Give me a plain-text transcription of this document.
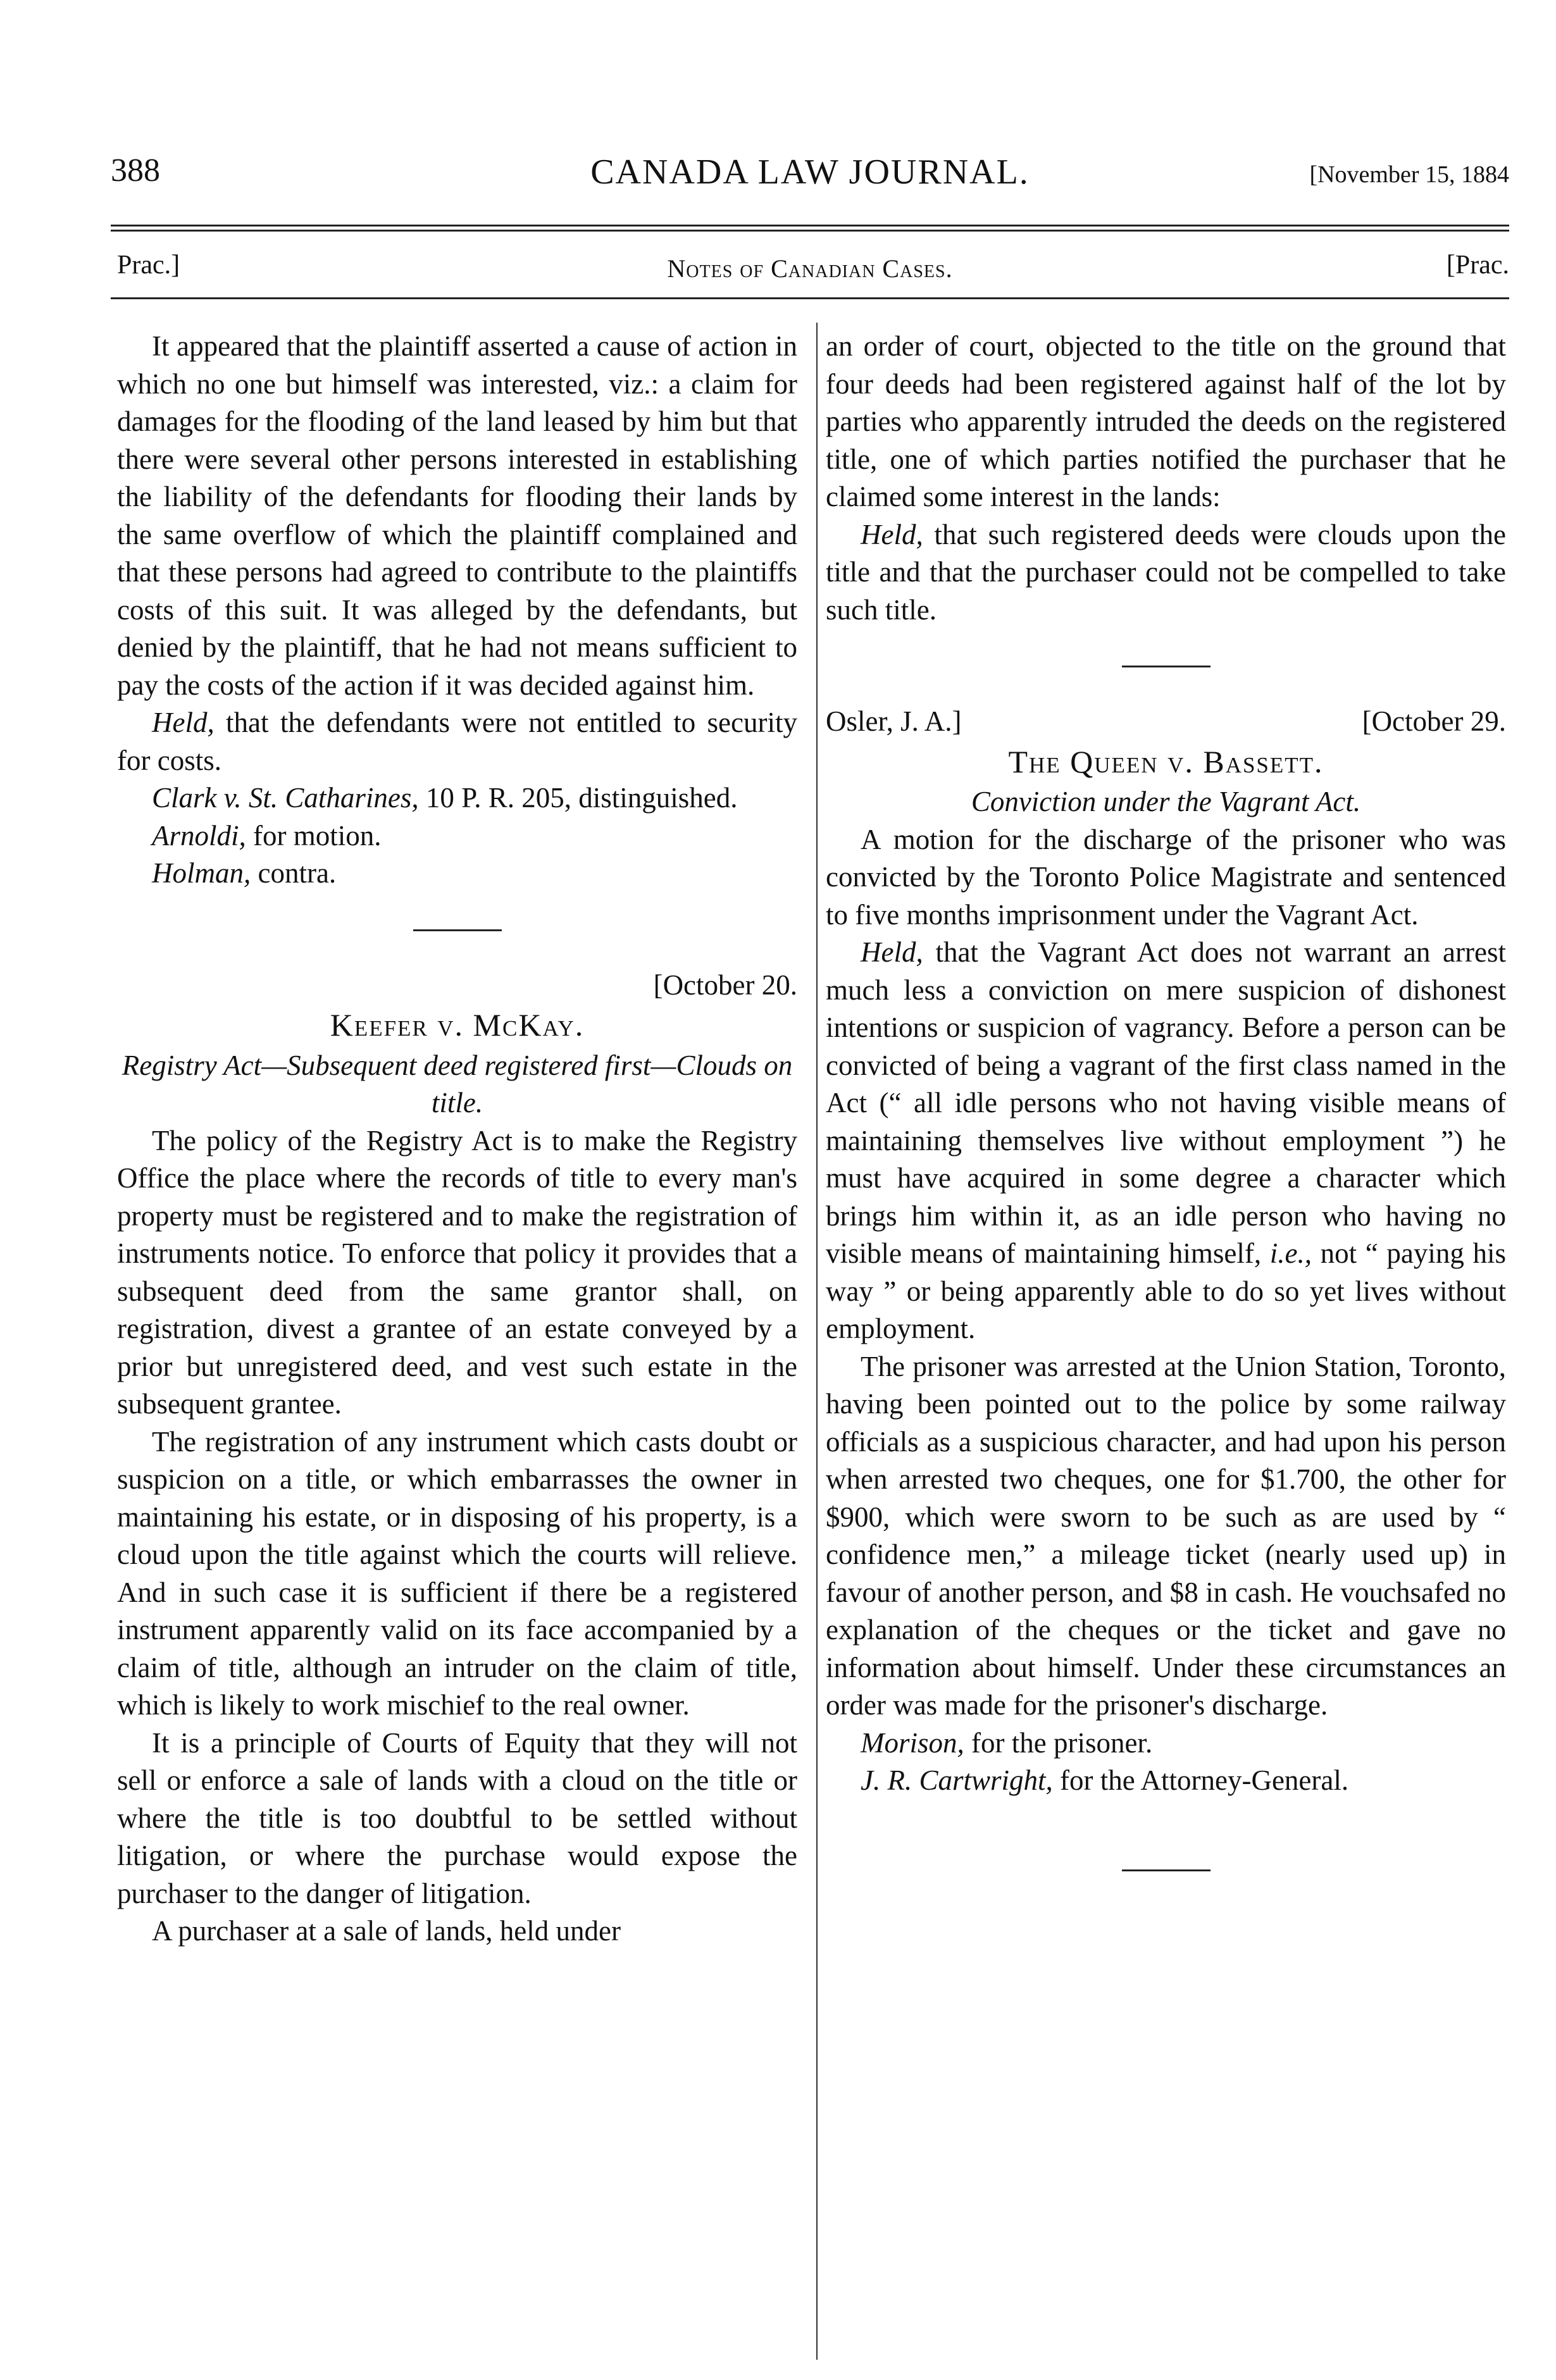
388	CANADA LAW JOURNAL.	[November 15, 1884
Prac.]	Notes of Canadian Cases.	[Prac.

It appeared that the plaintiff asserted a cause of action in which no one but himself was interested, viz.: a claim for damages for the flooding of the land leased by him but that there were several other persons interested in establishing the liability of the defendants for flooding their lands by the same overflow of which the plaintiff complained and that these persons had agreed to contribute to the plaintiffs costs of this suit. It was alleged by the defendants, but denied by the plaintiff, that he had not means sufficient to pay the costs of the action if it was decided against him.

Held, that the defendants were not entitled to security for costs.

Clark v. St. Catharines, 10 P. R. 205, distinguished.

Arnoldi, for motion.

Holman, contra.

[October 20.

Keefer v. McKay.

Registry Act—Subsequent deed registered first—Clouds on title.

The policy of the Registry Act is to make the Registry Office the place where the records of title to every man's property must be registered and to make the registration of instruments notice. To enforce that policy it provides that a subsequent deed from the same grantor shall, on registration, divest a grantee of an estate conveyed by a prior but unregistered deed, and vest such estate in the subsequent grantee.

The registration of any instrument which casts doubt or suspicion on a title, or which embarrasses the owner in maintaining his estate, or in disposing of his property, is a cloud upon the title against which the courts will relieve. And in such case it is sufficient if there be a registered instrument apparently valid on its face accompanied by a claim of title, although an intruder on the claim of title, which is likely to work mischief to the real owner.

It is a principle of Courts of Equity that they will not sell or enforce a sale of lands with a cloud on the title or where the title is too doubtful to be settled without litigation, or where the purchase would expose the purchaser to the danger of litigation.

A purchaser at a sale of lands, held under

an order of court, objected to the title on the ground that four deeds had been registered against half of the lot by parties who apparently intruded the deeds on the registered title, one of which parties notified the purchaser that he claimed some interest in the lands:

Held, that such registered deeds were clouds upon the title and that the purchaser could not be compelled to take such title.

Osler, J. A.]	[October 29.

The Queen v. Bassett.

Conviction under the Vagrant Act.

A motion for the discharge of the prisoner who was convicted by the Toronto Police Magistrate and sentenced to five months imprisonment under the Vagrant Act.

Held, that the Vagrant Act does not warrant an arrest much less a conviction on mere suspicion of dishonest intentions or suspicion of vagrancy. Before a person can be convicted of being a vagrant of the first class named in the Act (“ all idle persons who not having visible means of maintaining themselves live without employment ”) he must have acquired in some degree a character which brings him within it, as an idle person who having no visible means of maintaining himself, i.e., not “ paying his way ” or being apparently able to do so yet lives without employment.

The prisoner was arrested at the Union Station, Toronto, having been pointed out to the police by some railway officials as a suspicious character, and had upon his person when arrested two cheques, one for $1.700, the other for $900, which were sworn to be such as are used by “ confidence men,” a mileage ticket (nearly used up) in favour of another person, and $8 in cash. He vouchsafed no explanation of the cheques or the ticket and gave no information about himself. Under these circumstances an order was made for the prisoner's discharge.

Morison, for the prisoner.

J. R. Cartwright, for the Attorney-General.
